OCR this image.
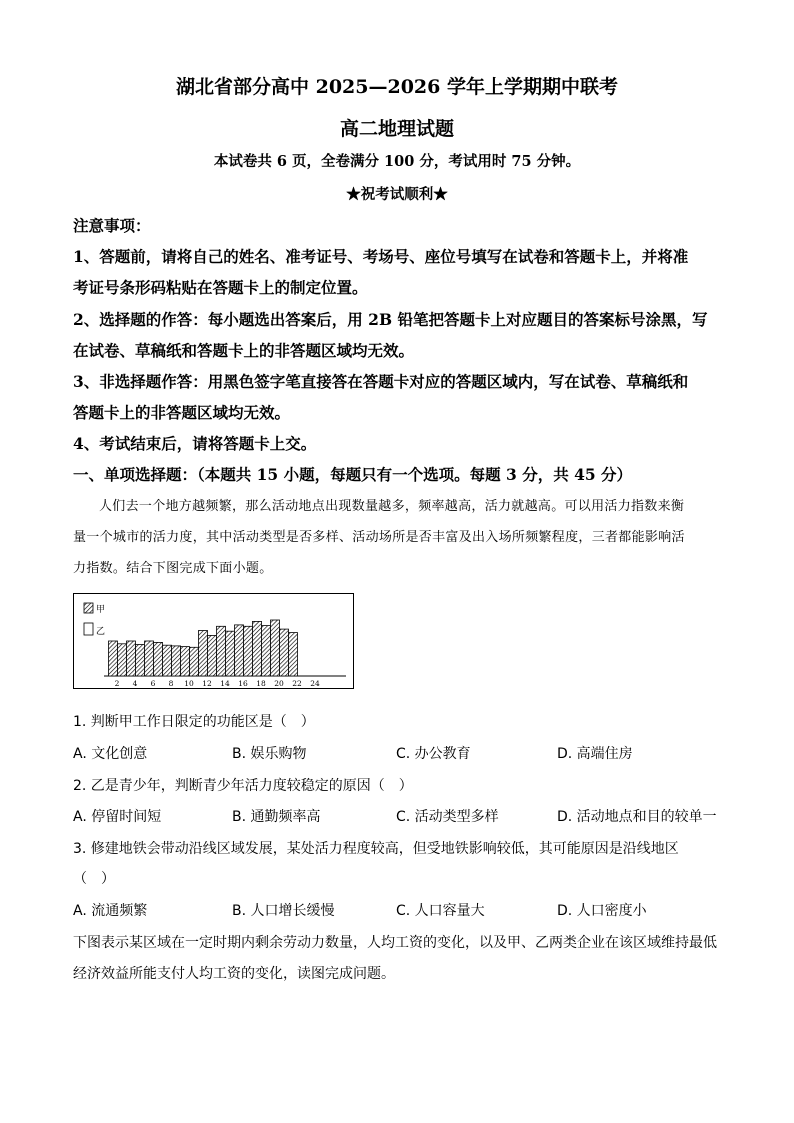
湖北省部分高中 2025—2026 学年上学期期中联考
高二地理试题
本试卷共 6 页，全卷满分 100 分，考试用时 75 分钟。
★祝考试顺利★
注意事项：
1、答题前，请将自己的姓名、准考证号、考场号、座位号填写在试卷和答题卡上，并将准
考证号条形码粘贴在答题卡上的制定位置。
2、选择题的作答：每小题选出答案后，用 2B 铅笔把答题卡上对应题目的答案标号涂黑，写
在试卷、草稿纸和答题卡上的非答题区域均无效。
3、非选择题作答：用黑色签字笔直接答在答题卡对应的答题区域内，写在试卷、草稿纸和
答题卡上的非答题区域均无效。
4、考试结束后，请将答题卡上交。
一、单项选择题：（本题共 15 小题，每题只有一个选项。每题 3 分，共 45 分）
人们去一个地方越频繁，那么活动地点出现数量越多，频率越高，活力就越高。可以用活力指数来衡
量一个城市的活力度，其中活动类型是否多样、活动场所是否丰富及出入场所频繁程度，三者都能影响活
力指数。结合下图完成下面小题。
甲
乙
2 4 6 8 10 12 14 16 18 20 22 24
1. 判断甲工作日限定的功能区是（　）
A. 文化创意	B. 娱乐购物	C. 办公教育	D. 高端住房
2. 乙是青少年，判断青少年活力度较稳定的原因（　）
A. 停留时间短	B. 通勤频率高	C. 活动类型多样	D. 活动地点和目的较单一
3. 修建地铁会带动沿线区域发展，某处活力程度较高，但受地铁影响较低，其可能原因是沿线地区
（　）
A. 流通频繁	B. 人口增长缓慢	C. 人口容量大	D. 人口密度小
下图表示某区域在一定时期内剩余劳动力数量，人均工资的变化，以及甲、乙两类企业在该区域维持最低
经济效益所能支付人均工资的变化，读图完成问题。
